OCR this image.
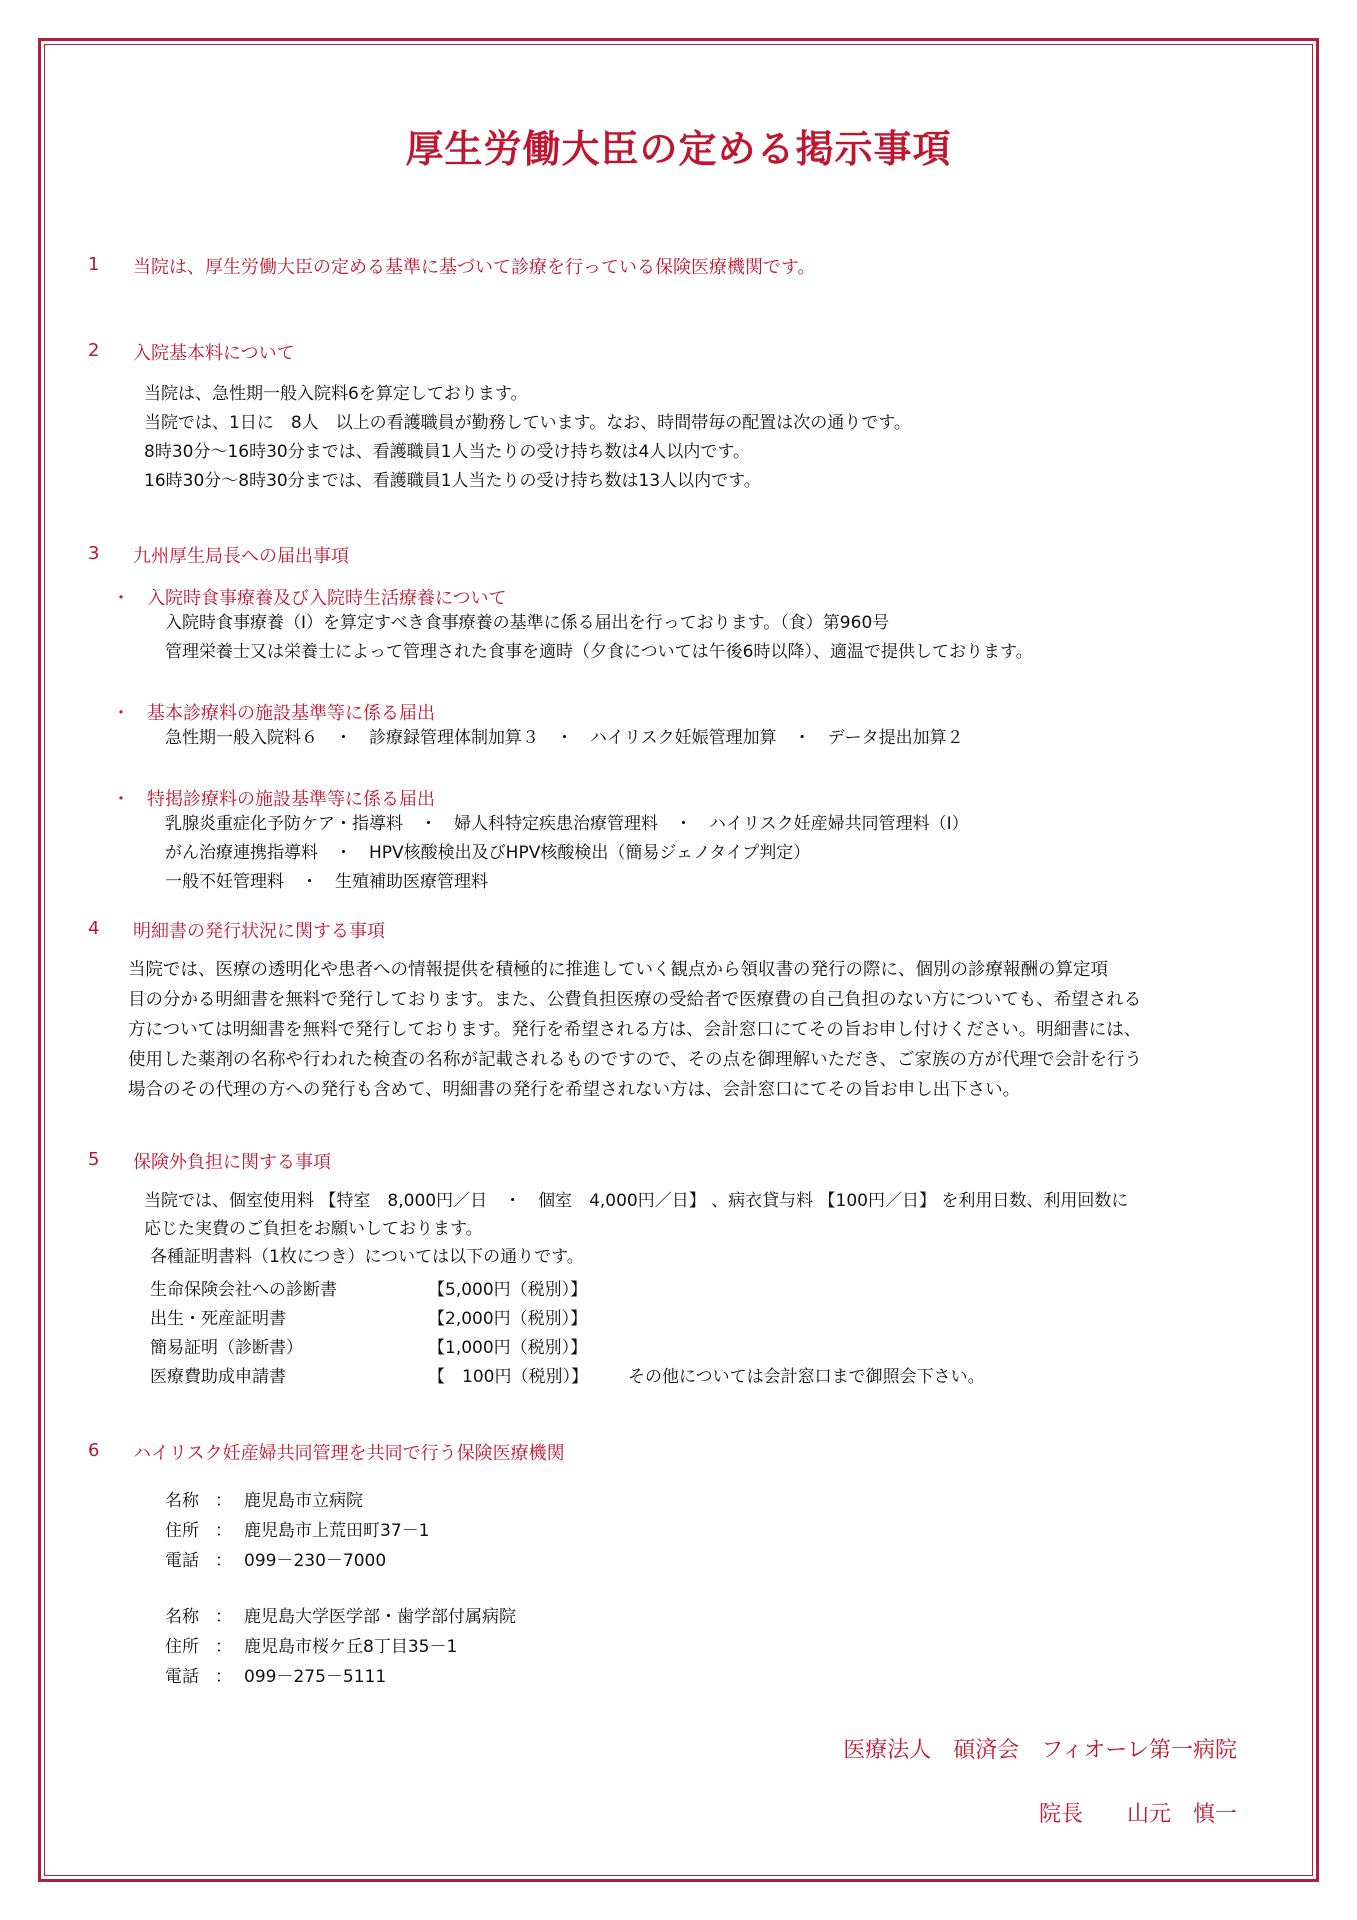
厚生労働大臣の定める掲示事項
1 当院は、厚生労働大臣の定める基準に基づいて診療を行っている保険医療機関です。
2 入院基本料について
当院は、急性期一般入院料6を算定しております。
当院では、1日に　8人　以上の看護職員が勤務しています。なお、時間帯毎の配置は次の通りです。
8時30分～16時30分までは、看護職員1人当たりの受け持ち数は4人以内です。
16時30分～8時30分までは、看護職員1人当たりの受け持ち数は13人以内です。
3 九州厚生局長への届出事項
・ 入院時食事療養及び入院時生活療養について
入院時食事療養（Ⅰ）を算定すべき食事療養の基準に係る届出を行っております。（食）第960号
管理栄養士又は栄養士によって管理された食事を適時（夕食については午後6時以降）、適温で提供しております。
・ 基本診療料の施設基準等に係る届出
急性期一般入院料６　・　診療録管理体制加算３　・　ハイリスク妊娠管理加算　・　データ提出加算２
・ 特掲診療料の施設基準等に係る届出
乳腺炎重症化予防ケア・指導料　・　婦人科特定疾患治療管理料　・　ハイリスク妊産婦共同管理料（Ⅰ）
がん治療連携指導料　・　HPV核酸検出及びHPV核酸検出（簡易ジェノタイプ判定）
一般不妊管理料　・　生殖補助医療管理料
4 明細書の発行状況に関する事項

当院では、医療の透明化や患者への情報提供を積極的に推進していく観点から領収書の発行の際に、個別の診療報酬の算定項

目の分かる明細書を無料で発行しております。また、公費負担医療の受給者で医療費の自己負担のない方についても、希望される

方については明細書を無料で発行しております。発行を希望される方は、会計窓口にてその旨お申し付けください。明細書には、

使用した薬剤の名称や行われた検査の名称が記載されるものですので、その点を御理解いただき、ご家族の方が代理で会計を行う

場合のその代理の方への発行も含めて、明細書の発行を希望されない方は、会計窓口にてその旨お申し出下さい。

5 保険外負担に関する事項
当院では、個室使用料 【特室　8,000円／日　・　個室　4,000円／日】 、病衣貸与料 【100円／日】 を利用日数、利用回数に
応じた実費のご負担をお願いしております。
各種証明書料（1枚につき）については以下の通りです。
生命保険会社への診断書	【5,000円（税別）】
出生・死産証明書	【2,000円（税別）】
簡易証明（診断書）	【1,000円（税別）】
医療費助成申請書	【　100円（税別）】 その他については会計窓口まで御照会下さい。
6 ハイリスク妊産婦共同管理を共同で行う保険医療機関
名称 ： 鹿児島市立病院
住所 ： 鹿児島市上荒田町37－1
電話 ： 099－230－7000
名称 ： 鹿児島大学医学部・歯学部付属病院
住所 ： 鹿児島市桜ケ丘8丁目35－1
電話 ： 099－275－5111
医療法人　碩済会　フィオーレ第一病院
院長　　山元　慎一
